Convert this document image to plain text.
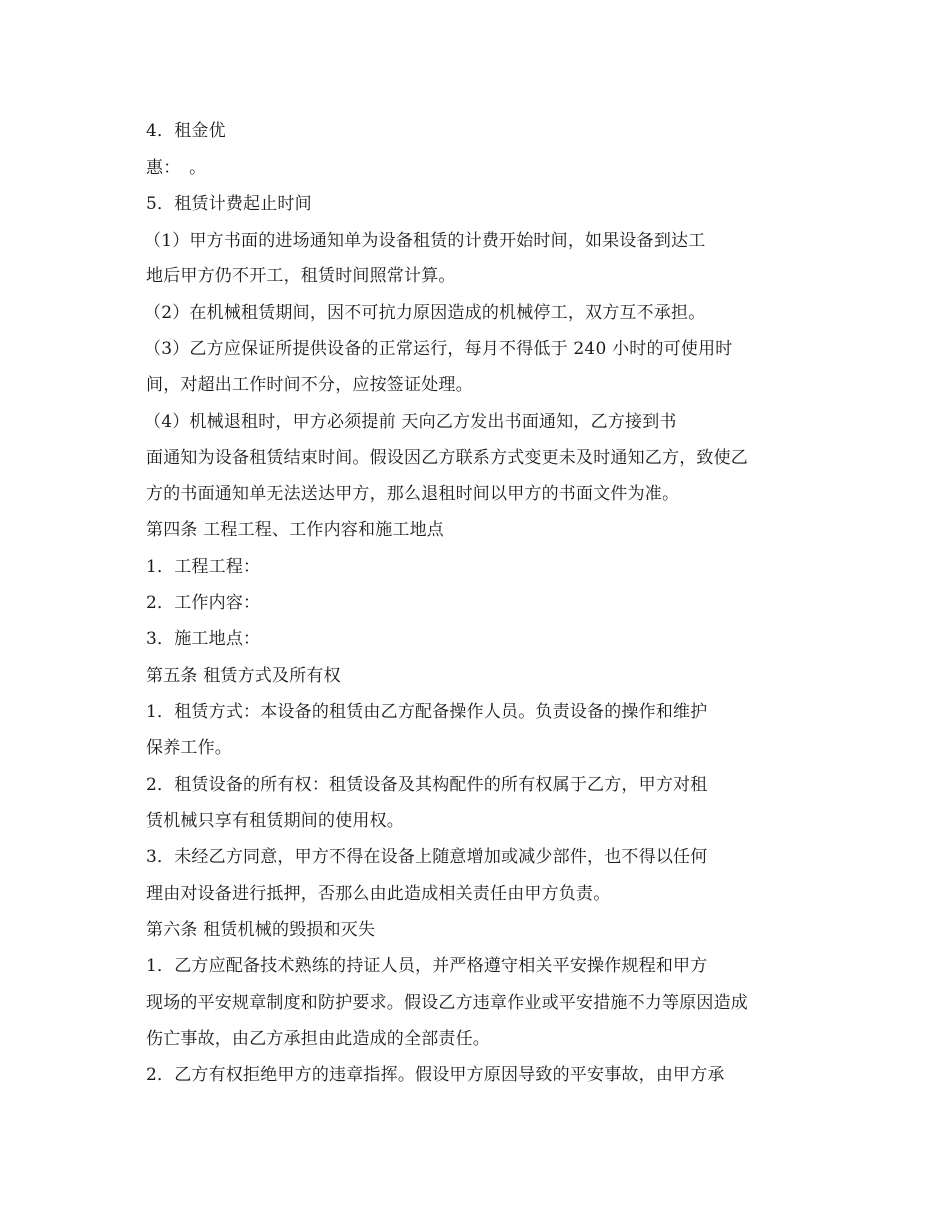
4．租金优
惠：　。
5．租赁计费起止时间
（1）甲方书面的进场通知单为设备租赁的计费开始时间，如果设备到达工
地后甲方仍不开工，租赁时间照常计算。
（2）在机械租赁期间，因不可抗力原因造成的机械停工，双方互不承担。
（3）乙方应保证所提供设备的正常运行，每月不得低于 240 小时的可使用时
间，对超出工作时间不分，应按签证处理。
（4）机械退租时，甲方必须提前 天向乙方发出书面通知，乙方接到书
面通知为设备租赁结束时间。假设因乙方联系方式变更未及时通知乙方，致使乙
方的书面通知单无法送达甲方，那么退租时间以甲方的书面文件为准。
第四条 工程工程、工作内容和施工地点
1．工程工程：
2．工作内容：
3．施工地点：
第五条 租赁方式及所有权
1．租赁方式：本设备的租赁由乙方配备操作人员。负责设备的操作和维护
保养工作。
2．租赁设备的所有权：租赁设备及其构配件的所有权属于乙方，甲方对租
赁机械只享有租赁期间的使用权。
3．未经乙方同意，甲方不得在设备上随意增加或减少部件，也不得以任何
理由对设备进行抵押，否那么由此造成相关责任由甲方负责。
第六条 租赁机械的毁损和灭失
1．乙方应配备技术熟练的持证人员，并严格遵守相关平安操作规程和甲方
现场的平安规章制度和防护要求。假设乙方违章作业或平安措施不力等原因造成
伤亡事故，由乙方承担由此造成的全部责任。
2．乙方有权拒绝甲方的违章指挥。假设甲方原因导致的平安事故，由甲方承
